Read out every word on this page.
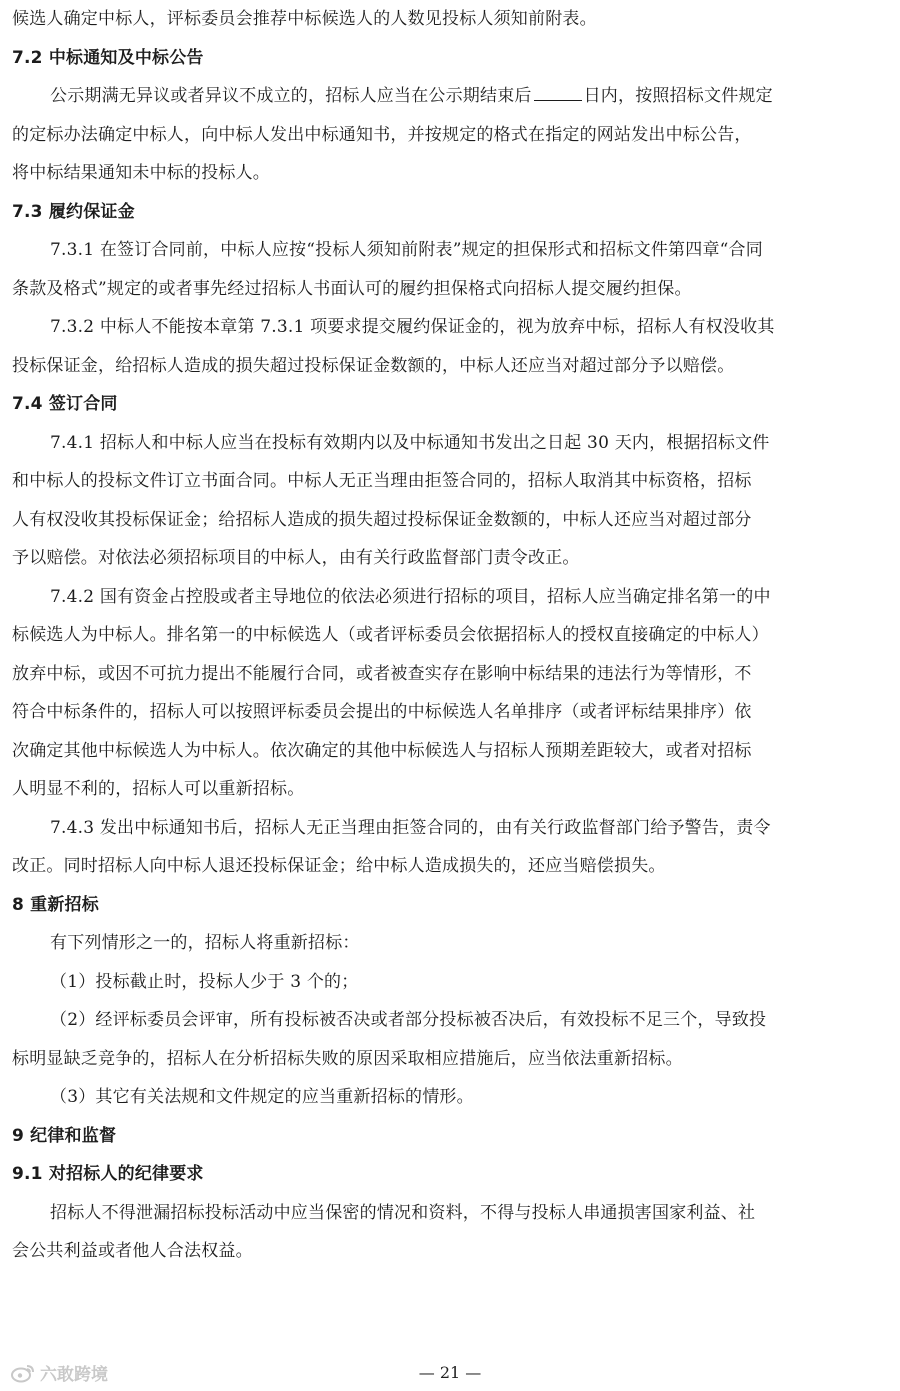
候选人确定中标人，评标委员会推荐中标候选人的人数见投标人须知前附表。
7.2 中标通知及中标公告
公示期满无异议或者异议不成立的，招标人应当在公示期结束后	日内，按照招标文件规定
的定标办法确定中标人，向中标人发出中标通知书，并按规定的格式在指定的网站发出中标公告，
将中标结果通知未中标的投标人。
7.3 履约保证金
7.3.1 在签订合同前，中标人应按“投标人须知前附表”规定的担保形式和招标文件第四章“合同
条款及格式”规定的或者事先经过招标人书面认可的履约担保格式向招标人提交履约担保。
7.3.2 中标人不能按本章第 7.3.1 项要求提交履约保证金的，视为放弃中标，招标人有权没收其
投标保证金，给招标人造成的损失超过投标保证金数额的，中标人还应当对超过部分予以赔偿。
7.4 签订合同
7.4.1 招标人和中标人应当在投标有效期内以及中标通知书发出之日起 30 天内，根据招标文件
和中标人的投标文件订立书面合同。中标人无正当理由拒签合同的，招标人取消其中标资格，招标
人有权没收其投标保证金；给招标人造成的损失超过投标保证金数额的，中标人还应当对超过部分
予以赔偿。对依法必须招标项目的中标人，由有关行政监督部门责令改正。
7.4.2 国有资金占控股或者主导地位的依法必须进行招标的项目，招标人应当确定排名第一的中
标候选人为中标人。排名第一的中标候选人（或者评标委员会依据招标人的授权直接确定的中标人）
放弃中标，或因不可抗力提出不能履行合同，或者被查实存在影响中标结果的违法行为等情形，不
符合中标条件的，招标人可以按照评标委员会提出的中标候选人名单排序（或者评标结果排序）依
次确定其他中标候选人为中标人。依次确定的其他中标候选人与招标人预期差距较大，或者对招标
人明显不利的，招标人可以重新招标。
7.4.3 发出中标通知书后，招标人无正当理由拒签合同的，由有关行政监督部门给予警告，责令
改正。同时招标人向中标人退还投标保证金；给中标人造成损失的，还应当赔偿损失。
8 重新招标
有下列情形之一的，招标人将重新招标：
（1）投标截止时，投标人少于 3 个的；
（2）经评标委员会评审，所有投标被否决或者部分投标被否决后，有效投标不足三个，导致投
标明显缺乏竞争的，招标人在分析招标失败的原因采取相应措施后，应当依法重新招标。
（3）其它有关法规和文件规定的应当重新招标的情形。
9 纪律和监督
9.1 对招标人的纪律要求
招标人不得泄漏招标投标活动中应当保密的情况和资料，不得与投标人串通损害国家利益、社
会公共利益或者他人合法权益。
六敢跨境	— 21 —
